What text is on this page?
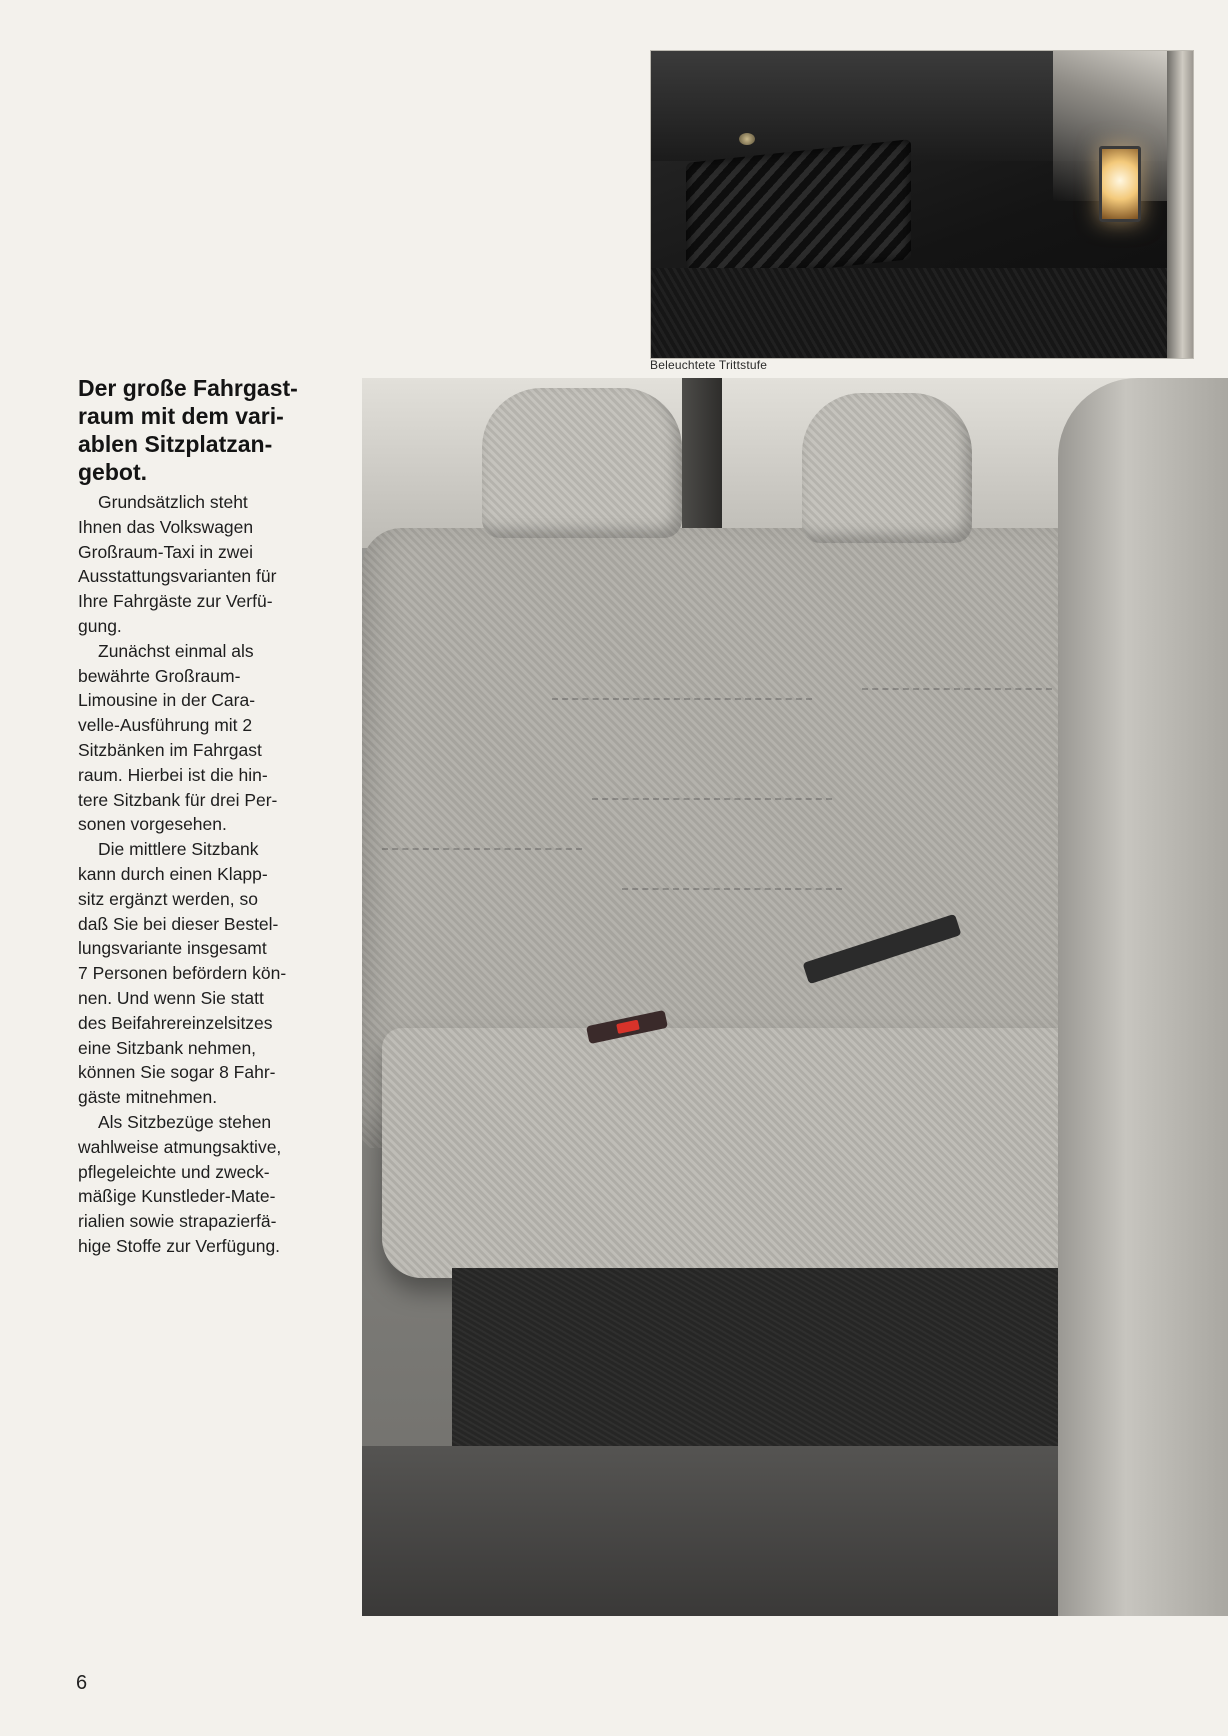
Beleuchtete Trittstufe
Der große Fahrgast-
raum mit dem vari-
ablen Sitzplatzan-
gebot.

Grundsätzlich steht
Ihnen das Volkswagen
Großraum-Taxi in zwei
Ausstattungsvarianten für
Ihre Fahrgäste zur Verfü-
gung.

Zunächst einmal als
bewährte Großraum-
Limousine in der Cara-
velle-Ausführung mit 2
Sitzbänken im Fahrgast
raum. Hierbei ist die hin-
tere Sitzbank für drei Per-
sonen vorgesehen.

Die mittlere Sitzbank
kann durch einen Klapp-
sitz ergänzt werden, so
daß Sie bei dieser Bestel-
lungsvariante insgesamt
7 Personen befördern kön-
nen. Und wenn Sie statt
des Beifahrereinzelsitzes
eine Sitzbank nehmen,
können Sie sogar 8 Fahr-
gäste mitnehmen.

Als Sitzbezüge stehen
wahlweise atmungsaktive,
pflegeleichte und zweck-
mäßige Kunstleder-Mate-
rialien sowie strapazierfä-
hige Stoffe zur Verfügung.

6
